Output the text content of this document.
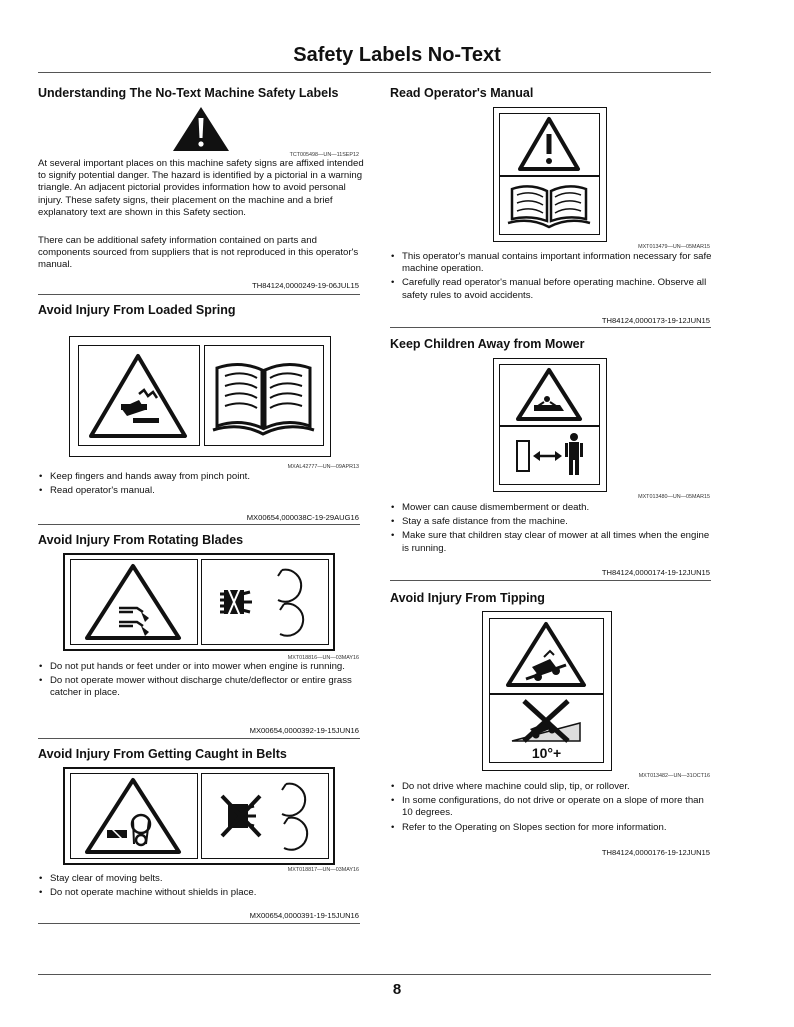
Safety Labels No-Text
Understanding The No-Text Machine Safety Labels
TCT005498—UN—11SEP12
At several important places on this machine safety signs are affixed intended to signify potential danger. The hazard is identified by a pictorial in a warning triangle. An adjacent pictorial provides information how to avoid personal injury. These safety signs, their placement on the machine and a brief explanatory text are shown in this Safety section.
There can be additional safety information contained on parts and components sourced from suppliers that is not reproduced in this operator's manual.
TH84124,0000249-19-06JUL15
Avoid Injury From Loaded Spring
MXAL42777—UN—09APR13
• Keep fingers and hands away from pinch point.
• Read operator's manual.
MX00654,000038C-19-29AUG16
Avoid Injury From Rotating Blades
MXT018816—UN—03MAY16
• Do not put hands or feet under or into mower when engine is running.
• Do not operate mower without discharge chute/deflector or entire grass catcher in place.
MX00654,0000392-19-15JUN16
Avoid Injury From Getting Caught in Belts
MXT018817—UN—03MAY16
• Stay clear of moving belts.
• Do not operate machine without shields in place.
MX00654,0000391-19-15JUN16
Read Operator's Manual
MXT013479—UN—05MAR15
• This operator's manual contains important information necessary for safe machine operation.
• Carefully read operator's manual before operating machine. Observe all safety rules to avoid accidents.
TH84124,0000173-19-12JUN15
Keep Children Away from Mower
MXT013480—UN—05MAR15
• Mower can cause dismemberment or death.
• Stay a safe distance from the machine.
• Make sure that children stay clear of mower at all times when the engine is running.
TH84124,0000174-19-12JUN15
Avoid Injury From Tipping
10°+
MXT013482—UN—31OCT16
• Do not drive where machine could slip, tip, or rollover.
• In some configurations, do not drive or operate on a slope of more than 10 degrees.
• Refer to the Operating on Slopes section for more information.
TH84124,0000176-19-12JUN15
8
